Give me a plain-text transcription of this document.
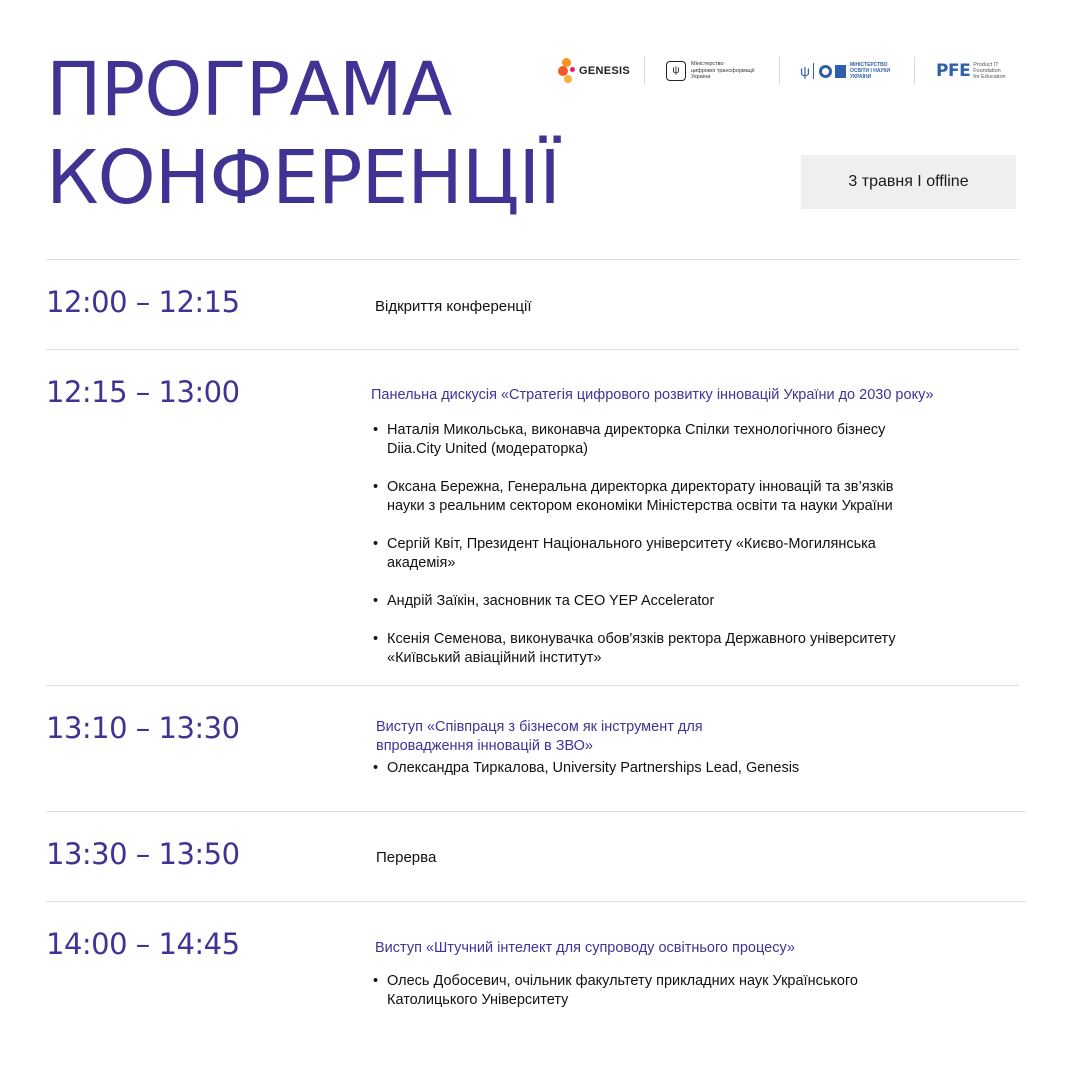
ПРОГРАМА
КОНФЕРЕНЦІЇ
GENESIS	ψ
Міністерство
цифрової трансформації
України	ψ	МІНІСТЕРСТВО
ОСВІТИ І НАУКИ
УКРАЇНИ	PFE Product IT
Foundation
for Education
3 травня І offline
12:00 – 12:15	Відкриття конференції
12:15 – 13:00	Панельна дискусія «Стратегія цифрового розвитку інновацій України до 2030 року»
• Наталія Микольська, виконавча директорка Спілки технологічного бізнесу
Diia.City United (модераторка)
• Оксана Бережна, Генеральна директорка директорату інновацій та зв’язків
науки з реальним сектором економіки Міністерства освіти та науки України
• Сергій Квіт, Президент Національного університету «Києво-Могилянська
академія»
• Андрій Заїкін, засновник та CEO YEP Accelerator
• Ксенія Семенова, виконувачка обов'язків ректора Державного університету
«Київський авіаційний інститут»
13:10 – 13:30	Виступ «Співпраця з бізнесом як інструмент для
впровадження інновацій в ЗВО»
• Олександра Тиркалова, University Partnerships Lead, Genesis
13:30 – 13:50	Перерва
14:00 – 14:45	Виступ «Штучний інтелект для супроводу освітнього процесу»
• Олесь Добосевич, очільник факультету прикладних наук Українського
Католицького Університету
